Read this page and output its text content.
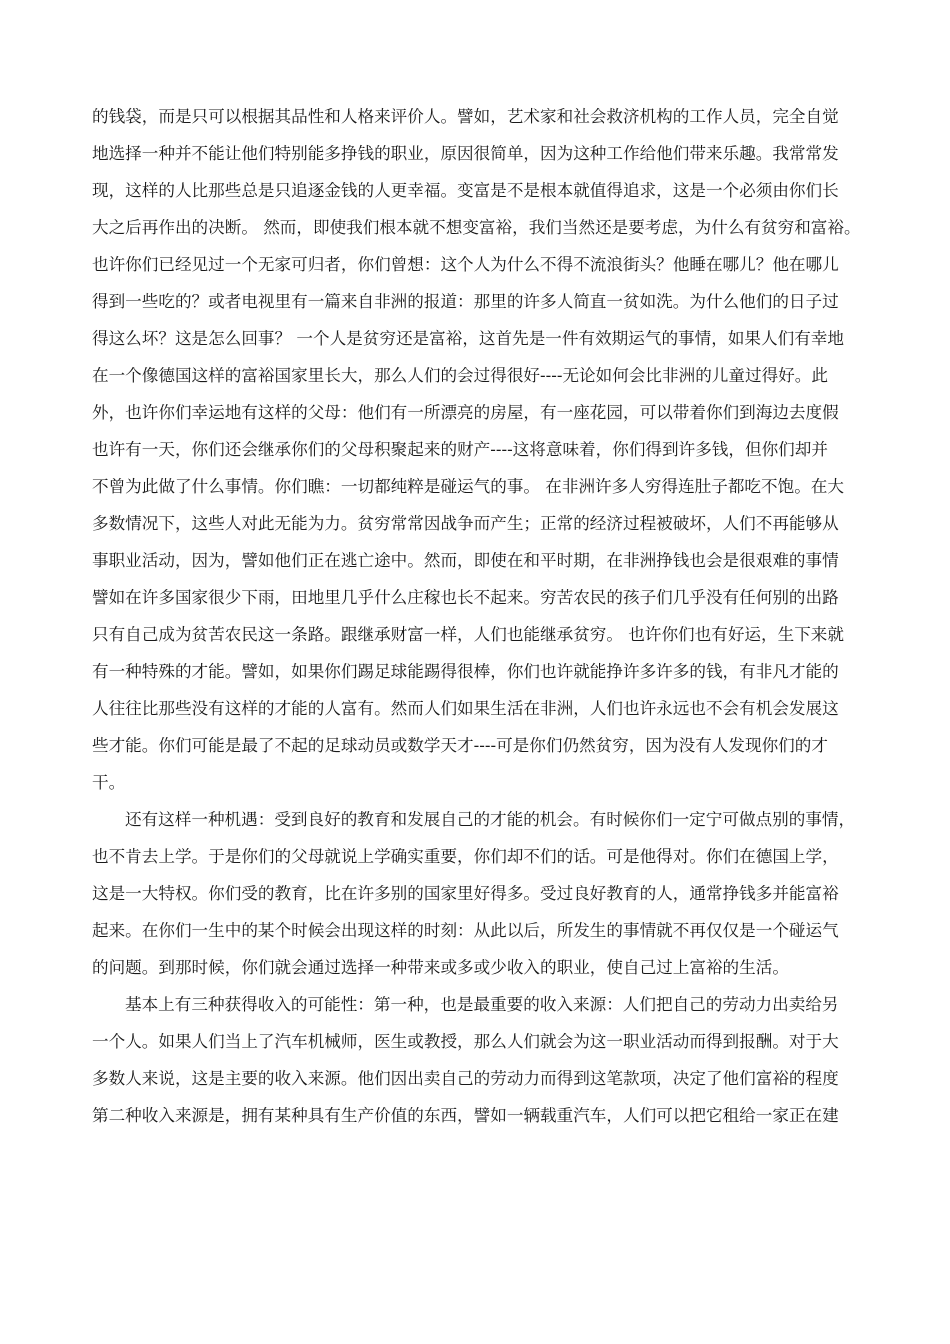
的钱袋，而是只可以根据其品性和人格来评价人。譬如，艺术家和社会救济机构的工作人员，完全自觉
地选择一种并不能让他们特别能多挣钱的职业，原因很简单，因为这种工作给他们带来乐趣。我常常发
现，这样的人比那些总是只追逐金钱的人更幸福。变富是不是根本就值得追求，这是一个必须由你们长
大之后再作出的决断。 然而，即使我们根本就不想变富裕，我们当然还是要考虑，为什么有贫穷和富裕。
也许你们已经见过一个无家可归者，你们曾想：这个人为什么不得不流浪街头？他睡在哪儿？他在哪儿
得到一些吃的？或者电视里有一篇来自非洲的报道：那里的许多人简直一贫如洗。为什么他们的日子过
得这么坏？这是怎么回事？ 一个人是贫穷还是富裕，这首先是一件有效期运气的事情，如果人们有幸地
在一个像德国这样的富裕国家里长大，那么人们的会过得很好----无论如何会比非洲的儿童过得好。此
外，也许你们幸运地有这样的父母：他们有一所漂亮的房屋，有一座花园，可以带着你们到海边去度假
也许有一天，你们还会继承你们的父母积聚起来的财产----这将意味着，你们得到许多钱，但你们却并
不曾为此做了什么事情。你们瞧：一切都纯粹是碰运气的事。 在非洲许多人穷得连肚子都吃不饱。在大
多数情况下，这些人对此无能为力。贫穷常常因战争而产生；正常的经济过程被破坏，人们不再能够从
事职业活动，因为，譬如他们正在逃亡途中。然而，即使在和平时期，在非洲挣钱也会是很艰难的事情
譬如在许多国家很少下雨，田地里几乎什么庄稼也长不起来。穷苦农民的孩子们几乎没有任何别的出路
只有自己成为贫苦农民这一条路。跟继承财富一样，人们也能继承贫穷。 也许你们也有好运，生下来就
有一种特殊的才能。譬如，如果你们踢足球能踢得很棒，你们也许就能挣许多许多的钱，有非凡才能的
人往往比那些没有这样的才能的人富有。然而人们如果生活在非洲，人们也许永远也不会有机会发展这
些才能。你们可能是最了不起的足球动员或数学天才----可是你们仍然贫穷，因为没有人发现你们的才
干。
还有这样一种机遇：受到良好的教育和发展自己的才能的机会。有时候你们一定宁可做点别的事情，
也不肯去上学。于是你们的父母就说上学确实重要，你们却不们的话。可是他得对。你们在德国上学，
这是一大特权。你们受的教育，比在许多别的国家里好得多。受过良好教育的人，通常挣钱多并能富裕
起来。在你们一生中的某个时候会出现这样的时刻：从此以后，所发生的事情就不再仅仅是一个碰运气
的问题。到那时候，你们就会通过选择一种带来或多或少收入的职业，使自己过上富裕的生活。
基本上有三种获得收入的可能性：第一种，也是最重要的收入来源：人们把自己的劳动力出卖给另
一个人。如果人们当上了汽车机械师，医生或教授，那么人们就会为这一职业活动而得到报酬。对于大
多数人来说，这是主要的收入来源。他们因出卖自己的劳动力而得到这笔款项，决定了他们富裕的程度
第二种收入来源是，拥有某种具有生产价值的东西，譬如一辆载重汽车，人们可以把它租给一家正在建
